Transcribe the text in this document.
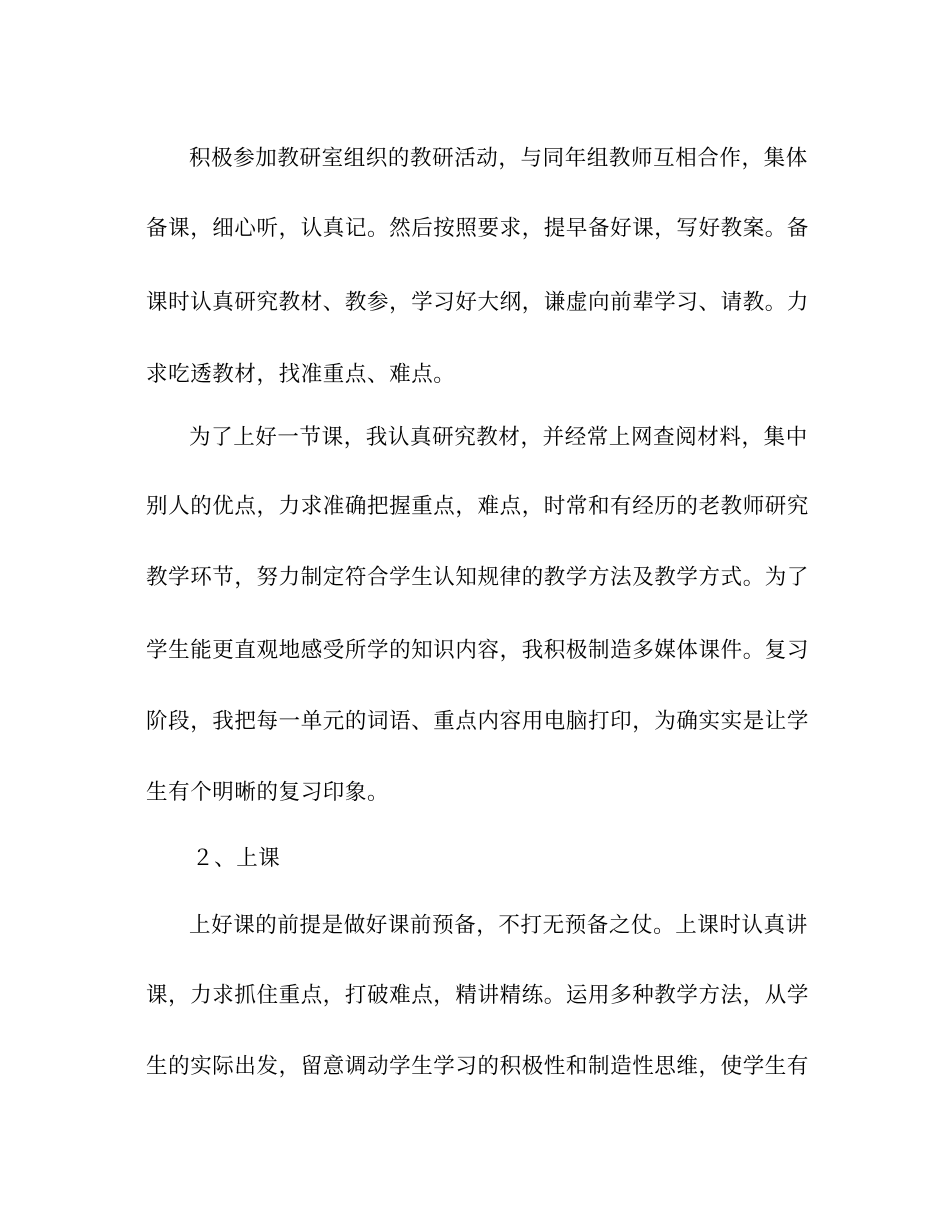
积极参加教研室组织的教研活动，与同年组教师互相合作，集体
备课，细心听，认真记。然后按照要求，提早备好课，写好教案。备
课时认真研究教材、教参，学习好大纲，谦虚向前辈学习、请教。力
求吃透教材，找准重点、难点。
为了上好一节课，我认真研究教材，并经常上网查阅材料，集中
别人的优点，力求准确把握重点，难点，时常和有经历的老教师研究
教学环节，努力制定符合学生认知规律的教学方法及教学方式。为了
学生能更直观地感受所学的知识内容，我积极制造多媒体课件。复习
阶段，我把每一单元的词语、重点内容用电脑打印，为确实实是让学
生有个明晰的复习印象。
２、上课
上好课的前提是做好课前预备，不打无预备之仗。上课时认真讲
课，力求抓住重点，打破难点，精讲精练。运用多种教学方法，从学
生的实际出发，留意调动学生学习的积极性和制造性思维，使学生有
